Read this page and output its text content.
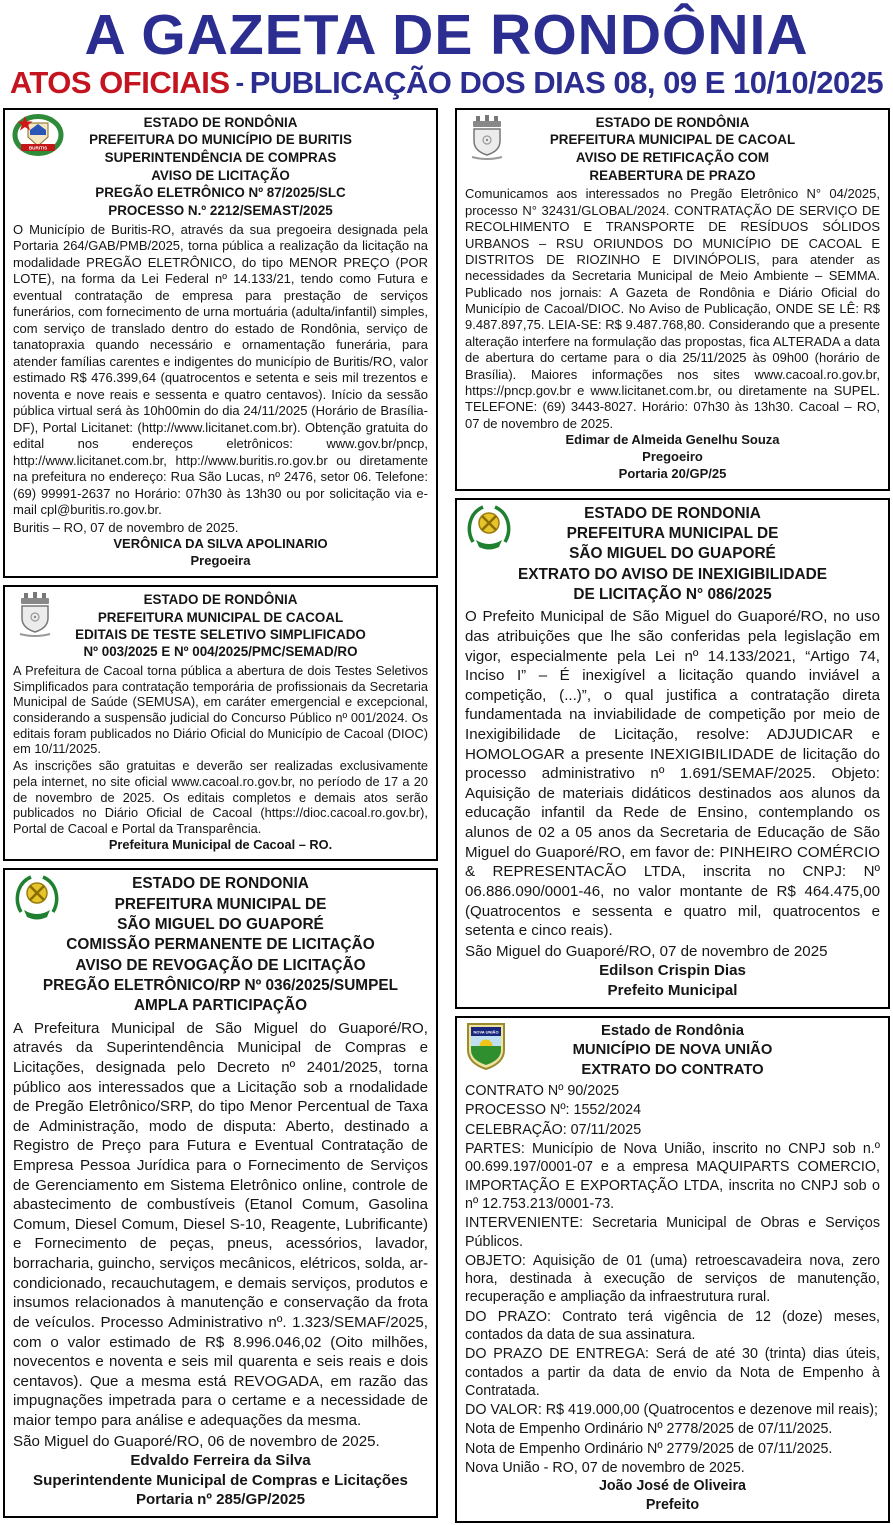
A GAZETA DE RONDÔNIA
ATOS OFICIAIS - PUBLICAÇÃO DOS DIAS 08, 09 E 10/10/2025
BURITIS
ESTADO DE RONDÔNIA
PREFEITURA DO MUNICÍPIO DE BURITIS
SUPERINTENDÊNCIA DE COMPRAS
AVISO DE LICITAÇÃO
PREGÃO ELETRÔNICO Nº 87/2025/SLC
PROCESSO N.º 2212/SEMAST/2025

O Município de Buritis-RO, através da sua pregoeira designada pela Portaria 264/GAB/PMB/2025, torna pública a realização da licitação na modalidade PREGÃO ELETRÔNICO, do tipo MENOR PREÇO (POR LOTE), na forma da Lei Federal nº 14.133/21, tendo como Futura e eventual contratação de empresa para prestação de serviços funerários, com fornecimento de urna mortuária (adulta/infantil) simples, com serviço de translado dentro do estado de Rondônia, serviço de tanatopraxia quando necessário e ornamentação funerária, para atender famílias carentes e indigentes do município de Buritis/RO, valor estimado R$ 476.399,64 (quatrocentos e setenta e seis mil trezentos e noventa e nove reais e sessenta e quatro centavos). Início da sessão pública virtual será às 10h00min do dia 24/11/2025 (Horário de Brasília-DF), Portal Licitanet: (http://www.licitanet.com.br). Obtenção gratuita do edital nos endereços eletrônicos: www.gov.br/pncp, http://www.licitanet.com.br, http://www.buritis.ro.gov.br ou diretamente na prefeitura no endereço: Rua São Lucas, nº 2476, setor 06. Telefone: (69) 99991-2637 no Horário: 07h30 às 13h30 ou por solicitação via e-mail cpl@buritis.ro.gov.br.

Buritis – RO, 07 de novembro de 2025.

VERÔNICA DA SILVA APOLINARIO
Pregoeira
ESTADO DE RONDÔNIA
PREFEITURA MUNICIPAL DE CACOAL
EDITAIS DE TESTE SELETIVO SIMPLIFICADO
Nº 003/2025 E Nº 004/2025/PMC/SEMAD/RO

A Prefeitura de Cacoal torna pública a abertura de dois Testes Seletivos Simplificados para contratação temporária de profissionais da Secretaria Municipal de Saúde (SEMUSA), em caráter emergencial e excepcional, considerando a suspensão judicial do Concurso Público nº 001/2024. Os editais foram publicados no Diário Oficial do Município de Cacoal (DIOC) em 10/11/2025.

As inscrições são gratuitas e deverão ser realizadas exclusivamente pela internet, no site oficial www.cacoal.ro.gov.br, no período de 17 a 20 de novembro de 2025. Os editais completos e demais atos serão publicados no Diário Oficial de Cacoal (https://dioc.cacoal.ro.gov.br), Portal de Cacoal e Portal da Transparência.

Prefeitura Municipal de Cacoal – RO.
ESTADO DE RONDONIA
PREFEITURA MUNICIPAL DE
SÃO MIGUEL DO GUAPORÉ
COMISSÃO PERMANENTE DE LICITAÇÃO
AVISO DE REVOGAÇÃO DE LICITAÇÃO
PREGÃO ELETRÔNICO/RP Nº 036/2025/SUMPEL
AMPLA PARTICIPAÇÃO

A Prefeitura Municipal de São Miguel do Guaporé/RO, através da Superintendência Municipal de Compras e Licitações, designada pelo Decreto nº 2401/2025, torna público aos interessados que a Licitação sob a rnodalidade de Pregão Eletrônico/SRP, do tipo Menor Percentual de Taxa de Administração, modo de disputa: Aberto, destinado a Registro de Preço para Futura e Eventual Contratação de Empresa Pessoa Jurídica para o Fornecimento de Serviços de Gerenciamento em Sistema Eletrônico online, controle de abastecimento de combustíveis (Etanol Comum, Gasolina Comum, Diesel Comum, Diesel S-10, Reagente, Lubrificante) e Fornecimento de peças, pneus, acessórios, lavador, borracharia, guincho, serviços mecânicos, elétricos, solda, ar-condicionado, recauchutagem, e demais serviços, produtos e insumos relacionados à manutenção e conservação da frota de veículos. Processo Administrativo nº. 1.323/SEMAF/2025, com o valor estimado de R$ 8.996.046,02 (Oito milhões, novecentos e noventa e seis mil quarenta e seis reais e dois centavos). Que a mesma está REVOGADA, em razão das impugnações impetrada para o certame e a necessidade de maior tempo para análise e adequações da mesma.

São Miguel do Guaporé/RO, 06 de novembro de 2025.

Edvaldo Ferreira da Silva
Superintendente Municipal de Compras e Licitações
Portaria nº 285/GP/2025
ESTADO DE RONDÔNIA
PREFEITURA MUNICIPAL DE CACOAL
AVISO DE RETIFICAÇÃO COM
REABERTURA DE PRAZO

Comunicamos aos interessados no Pregão Eletrônico N° 04/2025, processo N° 32431/GLOBAL/2024. CONTRATAÇÃO DE SERVIÇO DE RECOLHIMENTO E TRANSPORTE DE RESÍDUOS SÓLIDOS URBANOS – RSU ORIUNDOS DO MUNICÍPIO DE CACOAL E DISTRITOS DE RIOZINHO E DIVINÓPOLIS, para atender as necessidades da Secretaria Municipal de Meio Ambiente – SEMMA. Publicado nos jornais: A Gazeta de Rondônia e Diário Oficial do Município de Cacoal/DIOC. No Aviso de Publicação, ONDE SE LÊ: R$ 9.487.897,75. LEIA-SE: R$ 9.487.768,80. Considerando que a presente alteração interfere na formulação das propostas, fica ALTERADA a data de abertura do certame para o dia 25/11/2025 às 09h00 (horário de Brasília). Maiores informações nos sites www.cacoal.ro.gov.br, https://pncp.gov.br e www.licitanet.com.br, ou diretamente na SUPEL. TELEFONE: (69) 3443-8027. Horário: 07h30 às 13h30. Cacoal – RO, 07 de novembro de 2025.

Edimar de Almeida Genelhu Souza
Pregoeiro
Portaria 20/GP/25
ESTADO DE RONDONIA
PREFEITURA MUNICIPAL DE
SÃO MIGUEL DO GUAPORÉ
EXTRATO DO AVISO DE INEXIGIBILIDADE
DE LICITAÇÃO N° 086/2025

O Prefeito Municipal de São Miguel do Guaporé/RO, no uso das atribuições que lhe são conferidas pela legislação em vigor, especialmente pela Lei nº 14.133/2021, “Artigo 74, Inciso I” – É inexigível a licitação quando inviável a competição, (...)”, o qual justifica a contratação direta fundamentada na inviabilidade de competição por meio de Inexigibilidade de Licitação, resolve: ADJUDICAR e HOMOLOGAR a presente INEXIGIBILIDADE de licitação do processo administrativo nº 1.691/SEMAF/2025. Objeto: Aquisição de materiais didáticos destinados aos alunos da educação infantil da Rede de Ensino, contemplando os alunos de 02 a 05 anos da Secretaria de Educação de São Miguel do Guaporé/RO, em favor de: PINHEIRO COMÉRCIO & REPRESENTACÃO LTDA, inscrita no CNPJ: Nº 06.886.090/0001-46, no valor montante de R$ 464.475,00 (Quatrocentos e sessenta e quatro mil, quatrocentos e setenta e cinco reais).

São Miguel do Guaporé/RO, 07 de novembro de 2025

Edilson Crispin Dias
Prefeito Municipal
NOVA UNIÃO	Estado de Rondônia
MUNICÍPIO DE NOVA UNIÃO
EXTRATO DO CONTRATO

CONTRATO Nº 90/2025

PROCESSO Nº: 1552/2024

CELEBRAÇÃO: 07/11/2025

PARTES: Município de Nova União, inscrito no CNPJ sob n.º 00.699.197/0001-07 e a empresa MAQUIPARTS COMERCIO, IMPORTAÇÃO E EXPORTAÇÃO LTDA, inscrita no CNPJ sob o nº 12.753.213/0001-73.

INTERVENIENTE: Secretaria Municipal de Obras e Serviços Públicos.

OBJETO: Aquisição de 01 (uma) retroescavadeira nova, zero hora, destinada à execução de serviços de manutenção, recuperação e ampliação da infraestrutura rural.

DO PRAZO: Contrato terá vigência de 12 (doze) meses, contados da data de sua assinatura.

DO PRAZO DE ENTREGA: Será de até 30 (trinta) dias úteis, contados a partir da data de envio da Nota de Empenho à Contratada.

DO VALOR: R$ 419.000,00 (Quatrocentos e dezenove mil reais);

Nota de Empenho Ordinário Nº 2778/2025 de 07/11/2025.

Nota de Empenho Ordinário Nº 2779/2025 de 07/11/2025.

Nova União - RO, 07 de novembro de 2025.

João José de Oliveira
Prefeito
